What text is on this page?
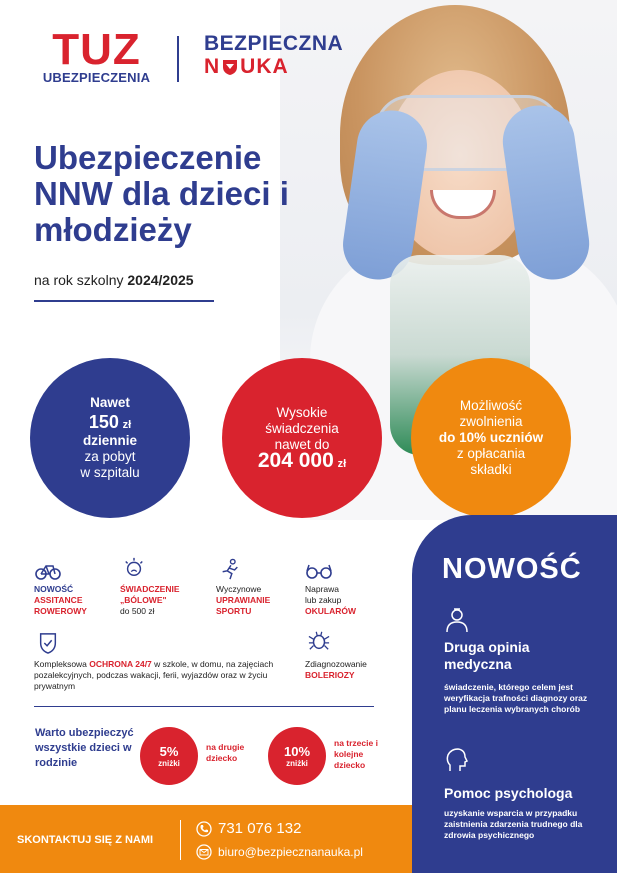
TUZ
UBEZPIECZENIA
BEZPIECZNA
N UKA
Ubezpieczenie NNW dla dzieci i młodzieży
na rok szkolny 2024/2025
Nawet
150 zł
dziennie
za pobyt
w szpitalu
Wysokie
świadczenia
nawet do
204 000 zł
Możliwość
zwolnienia
do 10% uczniów
z opłacania
składki
NOWOŚĆ
ASSITANCE
ROWEROWY
ŚWIADCZENIE
„BÓLOWE"
do 500 zł
Wyczynowe
UPRAWIANIE
SPORTU
Naprawa
lub zakup
OKULARÓW
Kompleksowa OCHRONA 24/7 w szkole, w domu, na zajęciach pozalekcyjnych, podczas wakacji, ferii, wyjazdów oraz w życiu prywatnym
Zdiagnozowanie
BOLERIOZY
Warto ubezpieczyć wszystkie dzieci w rodzinie
5%
zniżki
na drugie dziecko	10%
zniżki
na trzecie i kolejne dziecko
NOWOŚĆ
Druga opinia medyczna
świadczenie, którego celem jest weryfikacja trafności diagnozy oraz planu leczenia wybranych chorób
Pomoc psychologa
uzyskanie wsparcia w przypadku zaistnienia zdarzenia trudnego dla zdrowia psychicznego
SKONTAKTUJ SIĘ Z NAMI
731 076 132
biuro@bezpiecznanauka.pl
